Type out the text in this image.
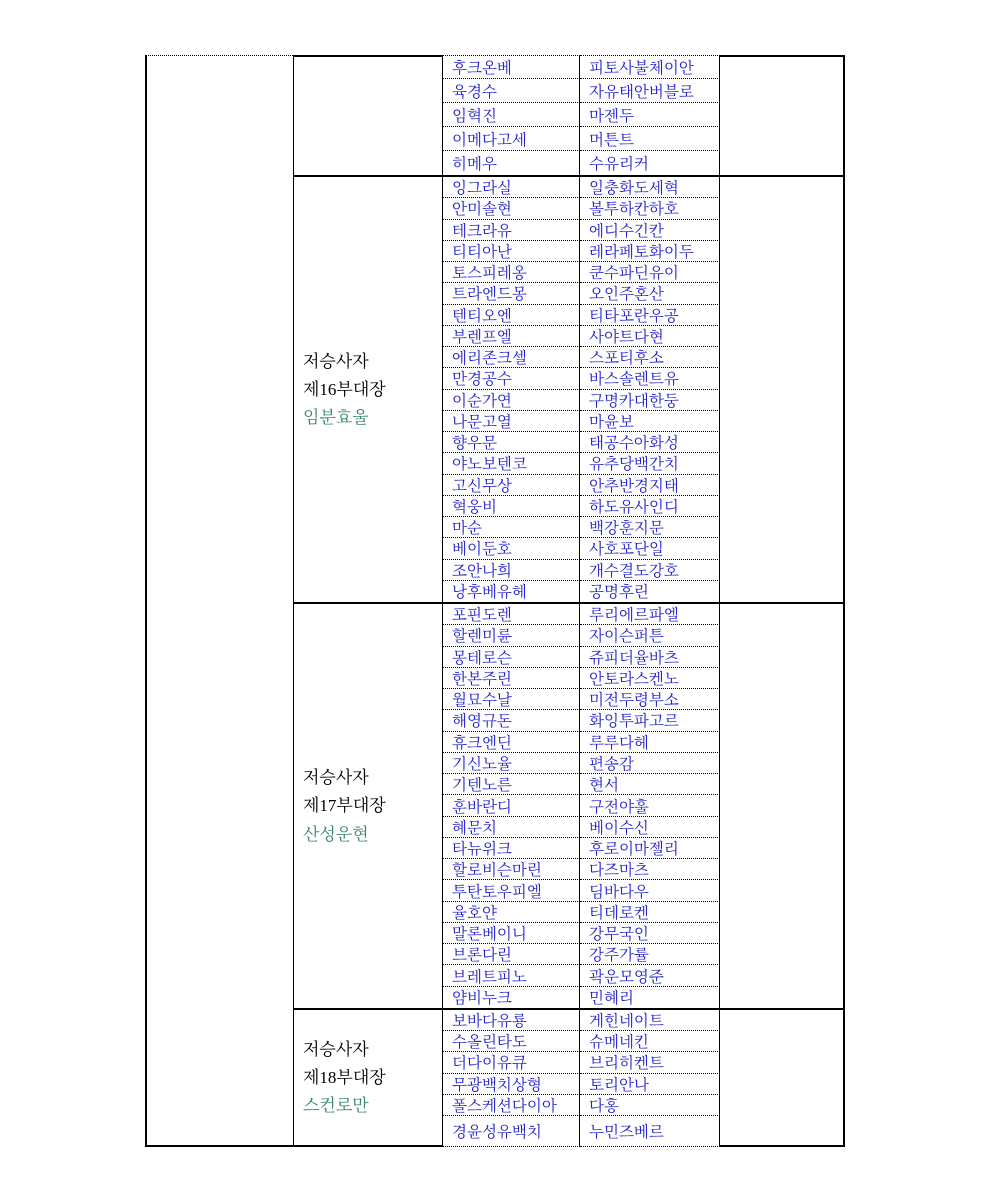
후크온베	피토사불체이안
육경수	자유태안버블로
임혁진	마젠두
이메다고세	머튼트
히메우	수유리커
저승사자
제16부대장
임분효울
잉그라실	일충화도세혁
안미솔현	볼투하칸하호
테크라유	에디수긴칸
티티아난	레라페토화이두
토스피레옹	쿤수파딘유이
트라엔드몽	오인주혼산
텐티오엔	티타포란우공
부렌프엘	사야트다현
에리존크셀	스포티후소
만경공수	바스솔렌트유
이순가연	구명카대한둥
나문고열	마윤보
향우문	태공수아화성
야노보텐코	유추당백간치
고신무상	안추반경지태
혁웅비	하도유사인디
마순	백강훈지문
베이둔호	사호포단일
조안나희	개수결도강호
낭후베유헤	공명후린
저승사자
제17부대장
산성운현
포핀도렌	루리에르파엘
할렌미륜	자이슨퍼튼
몽테로슨	쥬피더율바츠
한본주린	안토라스켄노
월묘수날	미전두령부소
해영규돈	화잉투파고르
휴크엔딘	루루다헤
기신노율	편송감
기텐노른	현서
훈바란디	구전야훌
혜문치	베이수신
타뉴위크	후로이마젤리
할로비슨마린	다즈마츠
투탄토우피엘	딤바다우
율호얀	티데로켄
말론베이니	강무국인
브론다린	강주가률
브레트피노	곽운모영준
얌비누크	민혜리
저승사자
제18부대장
스컨로만
보바다유룡	게힌네이트
수올린타도	슈메네킨
더다이유큐	브리히켄트
무광백치상형	토리안나
폴스케션다이아	다홍
경윤성유백치	누민즈베르
